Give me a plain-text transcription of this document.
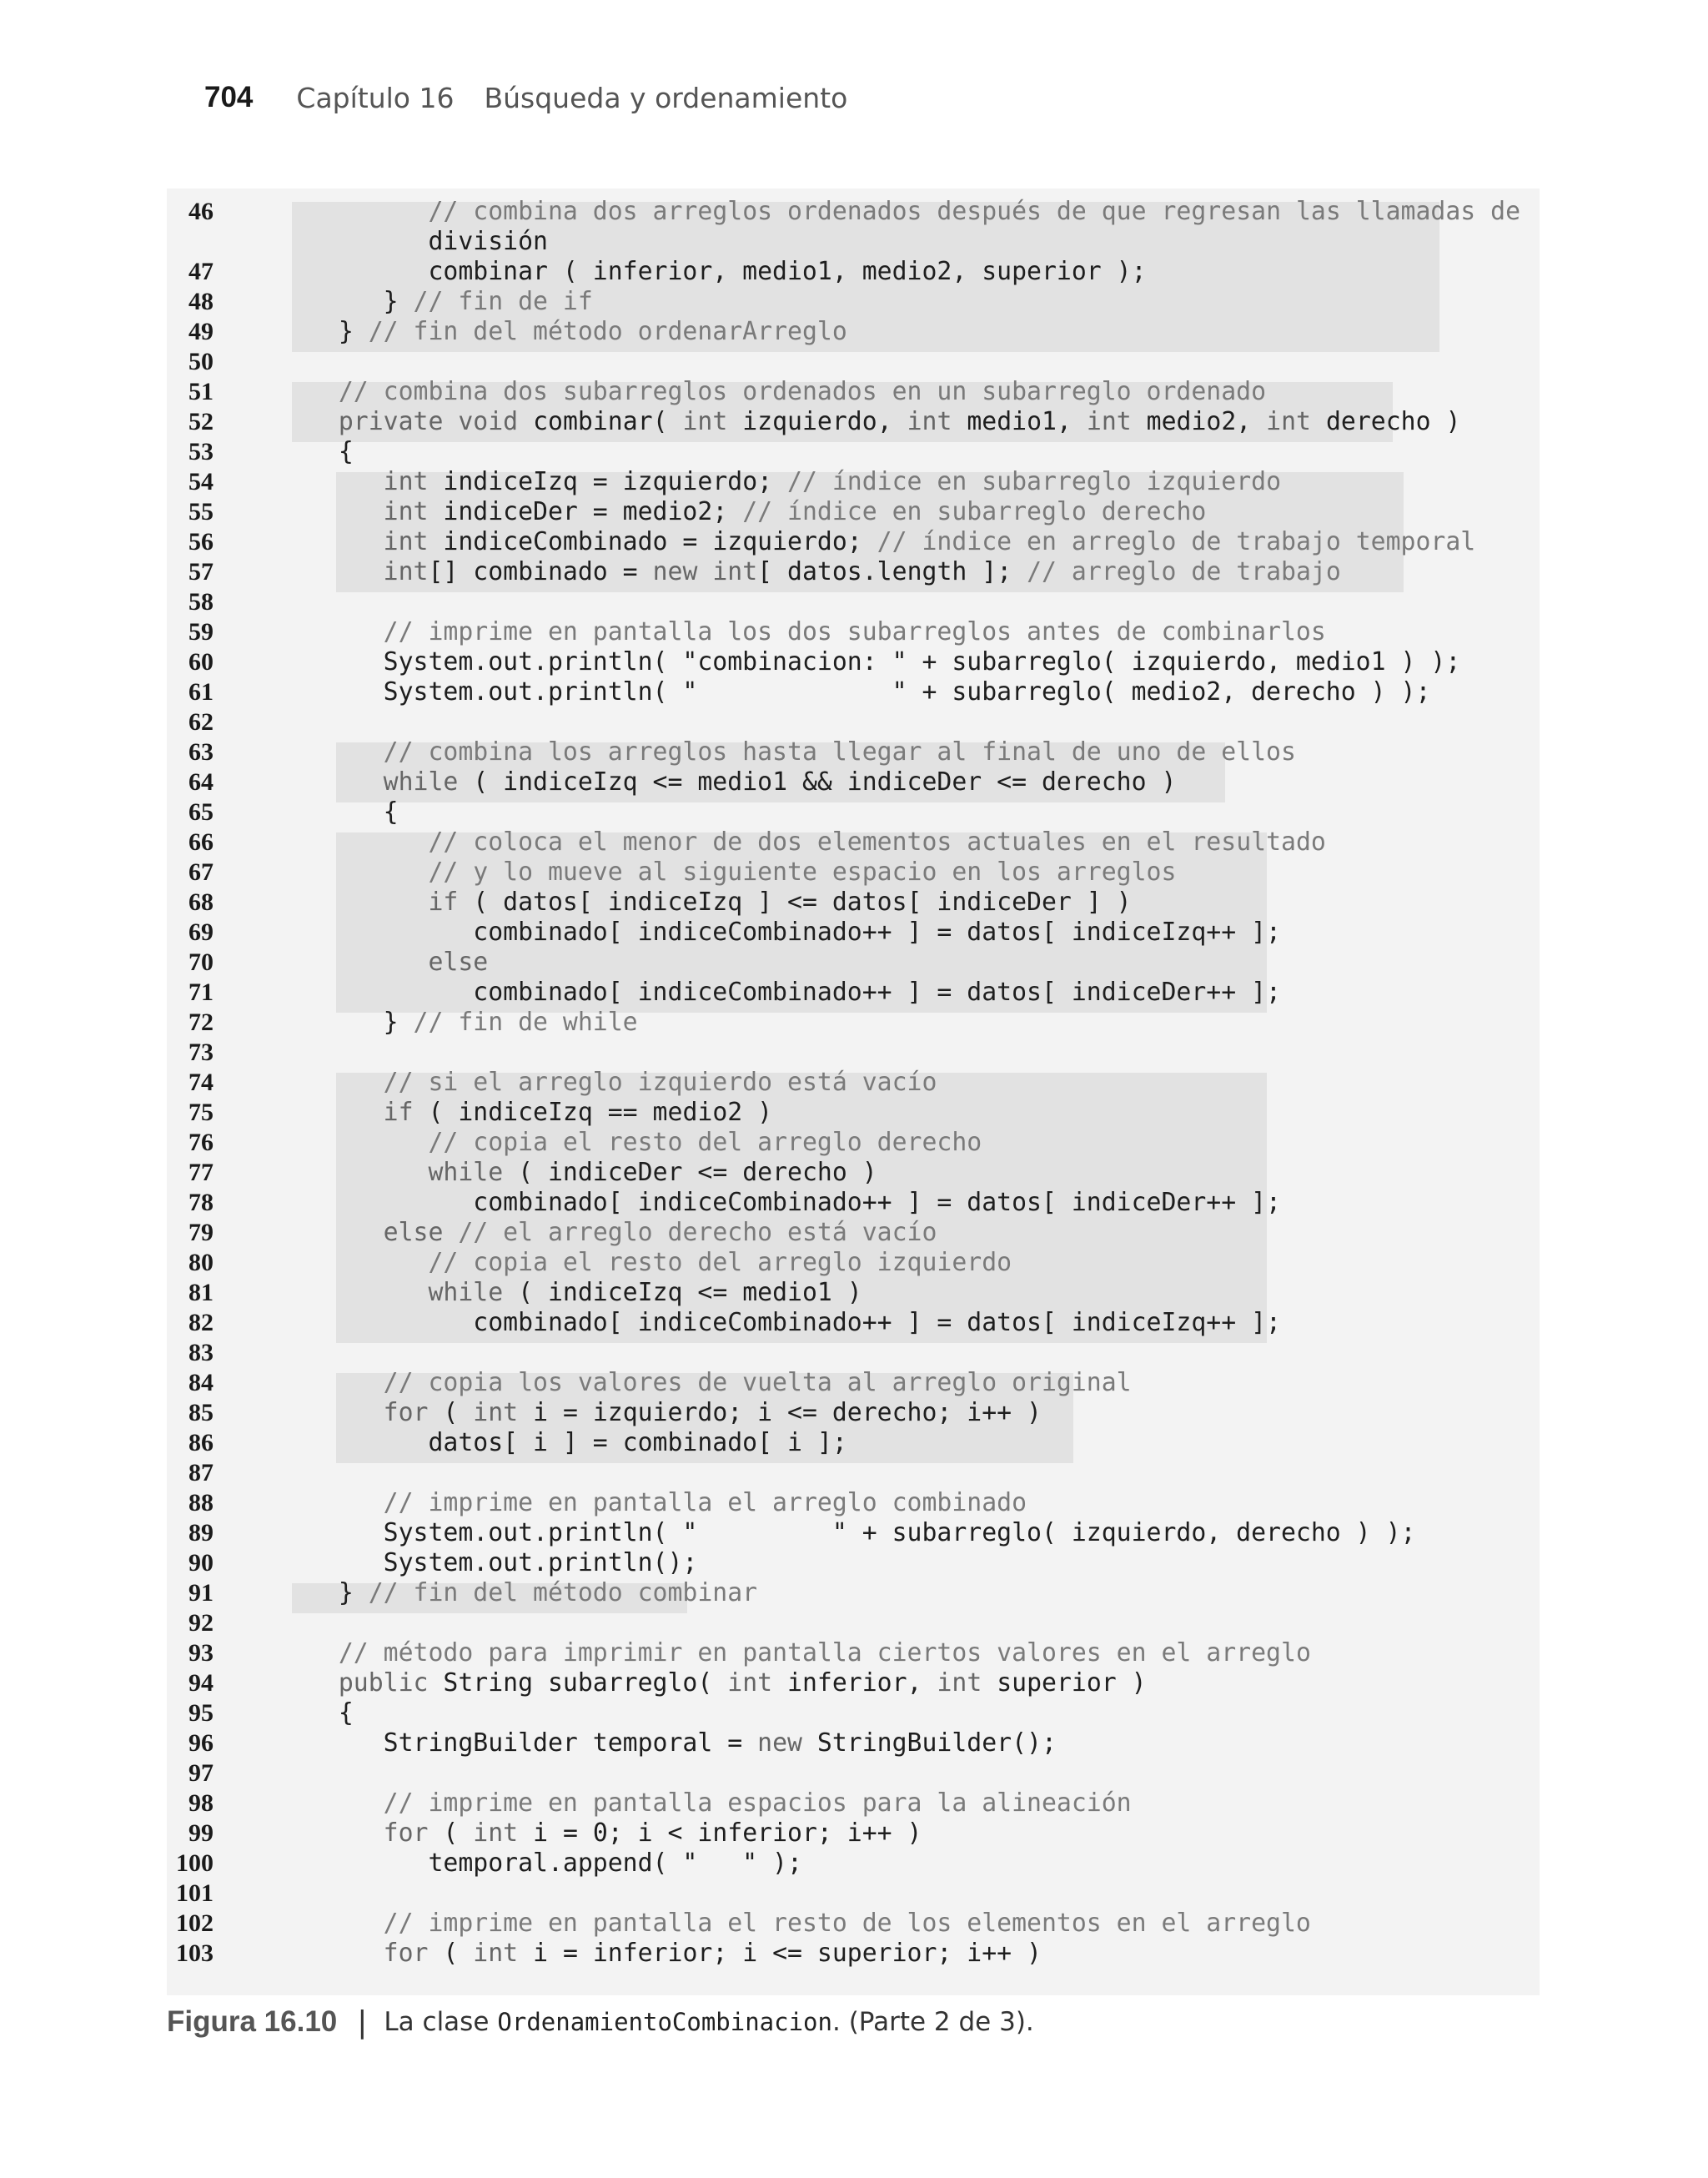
704 Capítulo 16 Búsqueda y ordenamiento
46	// combina dos arreglos ordenados después de que regresan las llamadas de
división
47	combinar ( inferior, medio1, medio2, superior );
48	} // fin de if
49	} // fin del método ordenarArreglo
50
51	// combina dos subarreglos ordenados en un subarreglo ordenado
52	private void combinar( int izquierdo, int medio1, int medio2, int derecho )
53	{
54	int indiceIzq = izquierdo; // índice en subarreglo izquierdo
55	int indiceDer = medio2; // índice en subarreglo derecho
56	int indiceCombinado = izquierdo; // índice en arreglo de trabajo temporal
57	int[] combinado = new int[ datos.length ]; // arreglo de trabajo
58
59	// imprime en pantalla los dos subarreglos antes de combinarlos
60	System.out.println( "combinacion: " + subarreglo( izquierdo, medio1 ) );
61	System.out.println( "             " + subarreglo( medio2, derecho ) );
62
63	// combina los arreglos hasta llegar al final de uno de ellos
64	while ( indiceIzq <= medio1 && indiceDer <= derecho )
65	{
66	// coloca el menor de dos elementos actuales en el resultado
67	// y lo mueve al siguiente espacio en los arreglos
68	if ( datos[ indiceIzq ] <= datos[ indiceDer ] )
69	combinado[ indiceCombinado++ ] = datos[ indiceIzq++ ];
70	else
71	combinado[ indiceCombinado++ ] = datos[ indiceDer++ ];
72	} // fin de while
73
74	// si el arreglo izquierdo está vacío
75	if ( indiceIzq == medio2 )
76	// copia el resto del arreglo derecho
77	while ( indiceDer <= derecho )
78	combinado[ indiceCombinado++ ] = datos[ indiceDer++ ];
79	else // el arreglo derecho está vacío
80	// copia el resto del arreglo izquierdo
81	while ( indiceIzq <= medio1 )
82	combinado[ indiceCombinado++ ] = datos[ indiceIzq++ ];
83
84	// copia los valores de vuelta al arreglo original
85	for ( int i = izquierdo; i <= derecho; i++ )
86	datos[ i ] = combinado[ i ];
87
88	// imprime en pantalla el arreglo combinado
89	System.out.println( "         " + subarreglo( izquierdo, derecho ) );
90	System.out.println();
91	} // fin del método combinar
92
93	// método para imprimir en pantalla ciertos valores en el arreglo
94	public String subarreglo( int inferior, int superior )
95	{
96	StringBuilder temporal = new StringBuilder();
97
98	// imprime en pantalla espacios para la alineación
99	for ( int i = 0; i < inferior; i++ )
100	temporal.append( "   " );
101
102	// imprime en pantalla el resto de los elementos en el arreglo
103	for ( int i = inferior; i <= superior; i++ )
Figura 16.10 | La clase OrdenamientoCombinacion . (Parte 2 de 3).
